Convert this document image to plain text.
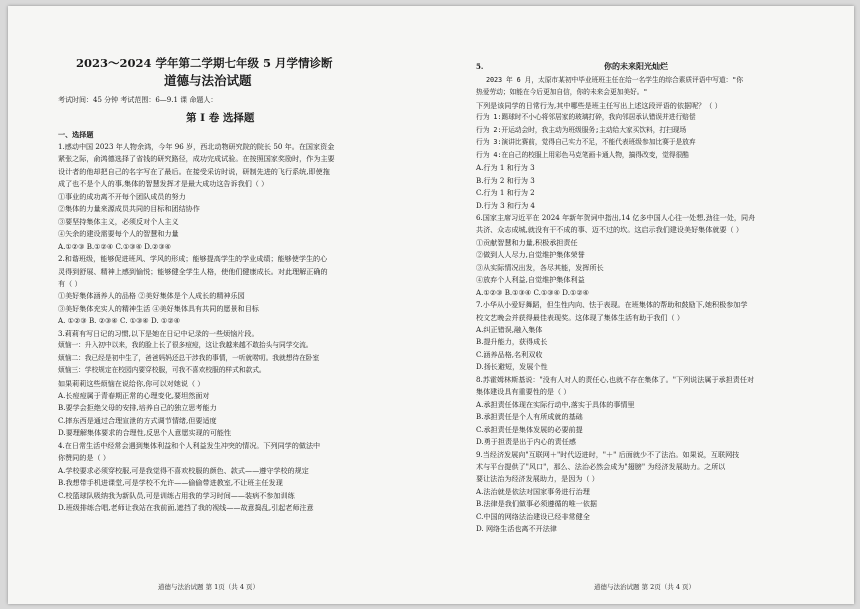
2023～2024 学年第二学期七年级 5 月学情诊断
道德与法治试题
考试时间：45 分钟 考试范围：6—9.1 课 命题人：
第 I 卷 选择题
一、选择题
1.感动中国 2023 年人物余鸿，今年 96 岁，西北动物研究院的院长 50 年。在国家资金
紧张之际，俞鸿德选择了省钱的研究路径，成功完成试验。在按照国家奖励时，作为主要
设计者的他却把自己的名字写在了最后。在接受采访时说，研制先进的飞行系统,即使拖
成了也不是个人的事,集体的智慧发挥才是最大成功这告诉我们（ ）
①事业的成功离不开每个团队成员的努力
②集体的力量来源成员共同的目标和团结协作
③要坚持集体主义，必须反对个人主义
④矢余的建设需要每个人的智慧和力量
A.①②③ B.①②④ C.①③④ D.②③④
2.和谐班级，能够促进班风、学风的形成；能够提高学生的学业成绩；能够使学生的心
灵得到舒展、精神上感到愉悦；能够健全学生人格，使他们健康成长。对此理解正确的
有（ ）
①美好集体涵养人的品格 ②美好集体是个人成长的精神乐园
③美好集体充实人的精神生活 ④美好集体具有共同的愿景和目标
A. ①②③ B. ②③④ C. ①③④ D. ①②④
3.莉莉有写日记的习惯,以下是她在日记中记录的一些烦恼片段。
烦恼一：升入初中以来，我的脸上长了很多痘痘，这让我越来越不敢抬头与同学交流。
烦恼二：我已经是初中生了，爸爸妈妈还总干涉我的事情，一听就唠叨。我就想待在卧室
烦恼三：学校规定在校园内要穿校服，可我不喜欢校服的样式和款式。
如果莉莉这些烦恼在说给你,你可以对她说（ ）
A.长痘痘属于青春期正常的心理变化,要坦然面对
B.要学会拒绝父母的安排,培养自己的独立思考能力
C.摔东西是通过合理宣泄的方式调节情绪,但要适度
D.要理解集体要求的合理性,反思个人意愿实现的可能性
4.在日常生活中经常会遇到集体利益和个人利益发生冲突的情况。下列同学的做法中
你赞同的是（ ）
A.学校要求必须穿校服,可是我觉得不喜欢校服的颜色、款式——遵守学校的规定
B.我想带手机进课堂,可是学校不允许——偷偷带进教室,不让班主任发现
C.校篮球队吸纳我为新队员,可是训练占用我的学习时间——装病不参加训练
D.班级排练合唱,老师让我站在我前面,遮挡了我的视线——故意捣乱,引起老师注意
道德与法治试题 第 1页（共 4 页）
5.	你的未来阳光灿烂
2023 年 6 月，太原市某初中毕业班班主任在给一名学生的综合素质评语中写道："你
热爱劳动；如能在今后更加自信，你的未来会更加美好。"
下列是该同学的日常行为,其中哪些是班主任写出上述这段评语的依据呢？（ ）
行为 1:踢球时不小心将邻居家的玻璃打碎，我向邻居承认错误并进行赔偿
行为 2:开运动会时，我主动为班级服务;主动给大家买饮料，打扫现场
行为 3:演讲比赛前，觉得自己实力不足，不能代表班级参加比赛于是放弃
行为 4:在自己的校服上用彩色马克笔画卡通人物，搞得改变，觉得很酷
A.行为 1 和行为 3
B.行为 2 和行为 3
C.行为 1 和行为 2
D.行为 3 和行为 4
6.国家主席习近平在 2024 年新年贺词中指出,14 亿多中国人心往一处想,劲往一处，同舟
共济、众志成城,就没有干不成的事、迈不过的坎。这启示我们建设美好集体就要（ ）
①贡献智慧和力量,积极承担责任
②做到人人尽力,自觉维护集体荣誉
③从实际情况出发，各尽其能，发挥所长
④放弃个人利益,自觉维护集体利益
A.①②③ B.①③④ C.①③④ D.①②④
7.小华从小爱好舞蹈，但生性内向、怯于表现。在班集体的帮助和鼓励下,她积极参加学
校文艺晚会并获得最佳表现奖。这体现了集体生活有助于我们（ ）
A.纠正错误,融入集体
B.提升能力，获得成长
C.涵养品格,名利双收
D.扬长避短，发展个性
8.苏霍姆林斯基说："没有人对人的责任心,也就不存在集体了。"下列说法属于承担责任对
集体建设具有重要性的是（ ）
A.承担责任体现在实际行动中,落实于具体的事情里
B.承担责任是个人有所成就的基础
C.承担责任是集体发展的必要前提
D.勇于担责是出于内心的责任感
9.当经济发展向"互联网＋"时代迈进时，"＋" 后面就少不了法治。如果说，互联网技
术与平台提供了"风口"，那么、法治必然会成为"翅膀" 为经济发展助力。之所以
要让法治为经济发展助力，是因为（ ）
A.法治就是依法对国家事务进行治理
B.法律是我们做事必须遵循的唯一依据
C.中国的网络法治建设已经非常健全
D. 网络生活也离不开法律
道德与法治试题 第 2页（共 4 页）
